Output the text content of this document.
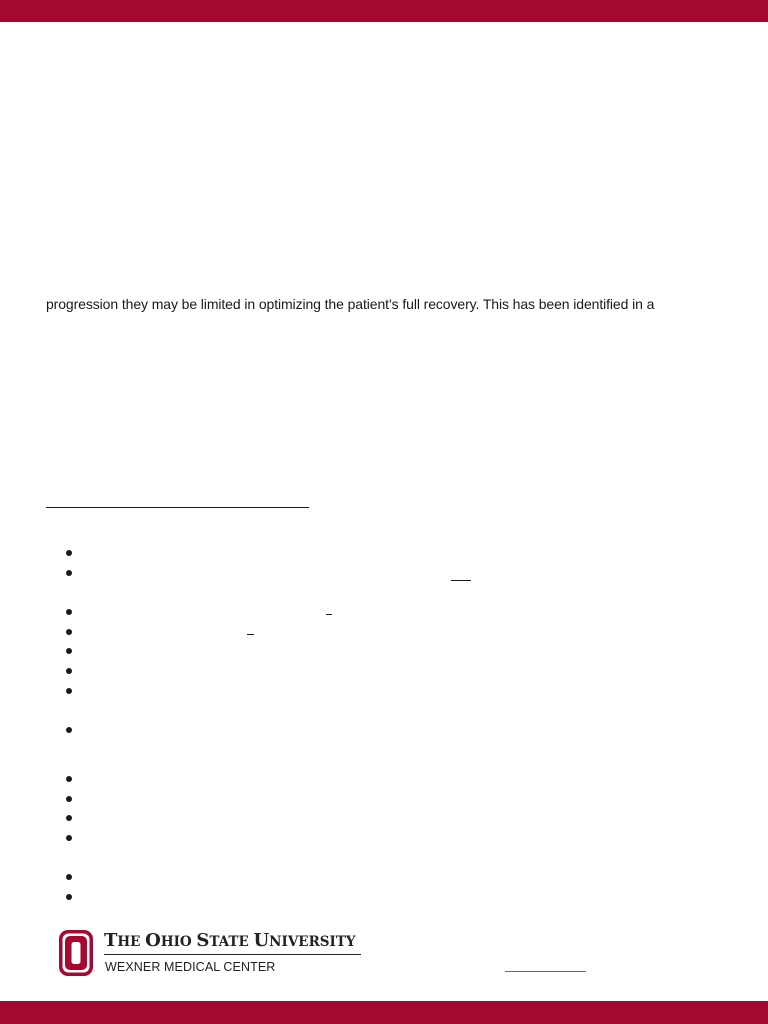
progression they may be limited in optimizing the patient’s full recovery. This has been identified in a
THE OHIO STATE UNIVERSITY
WEXNER MEDICAL CENTER
